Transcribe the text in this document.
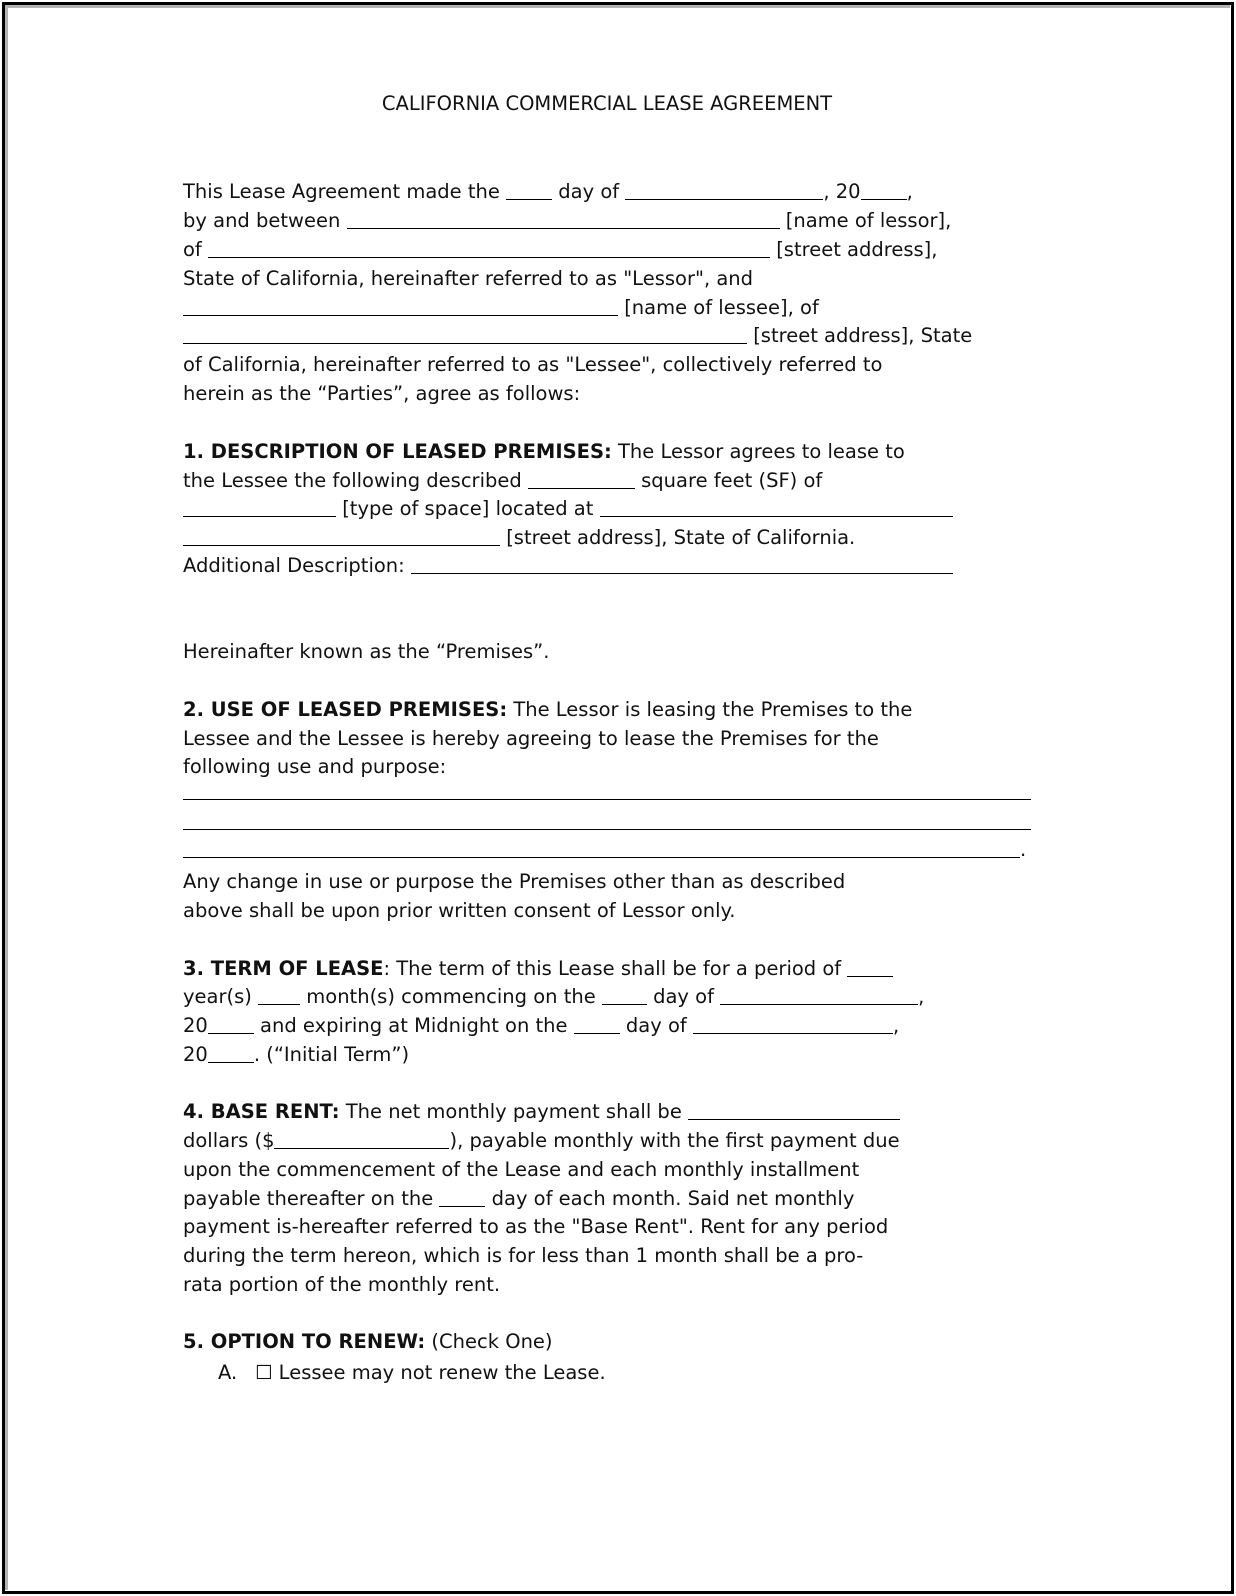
CALIFORNIA COMMERCIAL LEASE AGREEMENT
This Lease Agreement made the  day of	, 20 ,
by and between	[name of lessor],
of	[street address],
State of California, hereinafter referred to as "Lessor", and
[name of lessee], of
[street address], State
of California, hereinafter referred to as "Lessee", collectively referred to
herein as the “Parties”, agree as follows:
1. DESCRIPTION OF LEASED PREMISES: The Lessor agrees to lease to
the Lessee the following described	square feet (SF) of
[type of space] located at
[street address], State of California.
Additional Description:
Hereinafter known as the “Premises”.
2. USE OF LEASED PREMISES: The Lessor is leasing the Premises to the
Lessee and the Lessee is hereby agreeing to lease the Premises for the
following use and purpose:
.
Any change in use or purpose the Premises other than as described
above shall be upon prior written consent of Lessor only.
3. TERM OF LEASE: The term of this Lease shall be for a period of
year(s)  month(s) commencing on the  day of	,
20 and expiring at Midnight on the  day of	,
20 . (“Initial Term”)
4. BASE RENT: The net monthly payment shall be
dollars ($	), payable monthly with the first payment due
upon the commencement of the Lease and each monthly installment
payable thereafter on the  day of each month. Said net monthly
payment is-hereafter referred to as the "Base Rent". Rent for any period
during the term hereon, which is for less than 1 month shall be a pro-
rata portion of the monthly rent.
5. OPTION TO RENEW: (Check One)
A. ☐ Lessee may not renew the Lease.
